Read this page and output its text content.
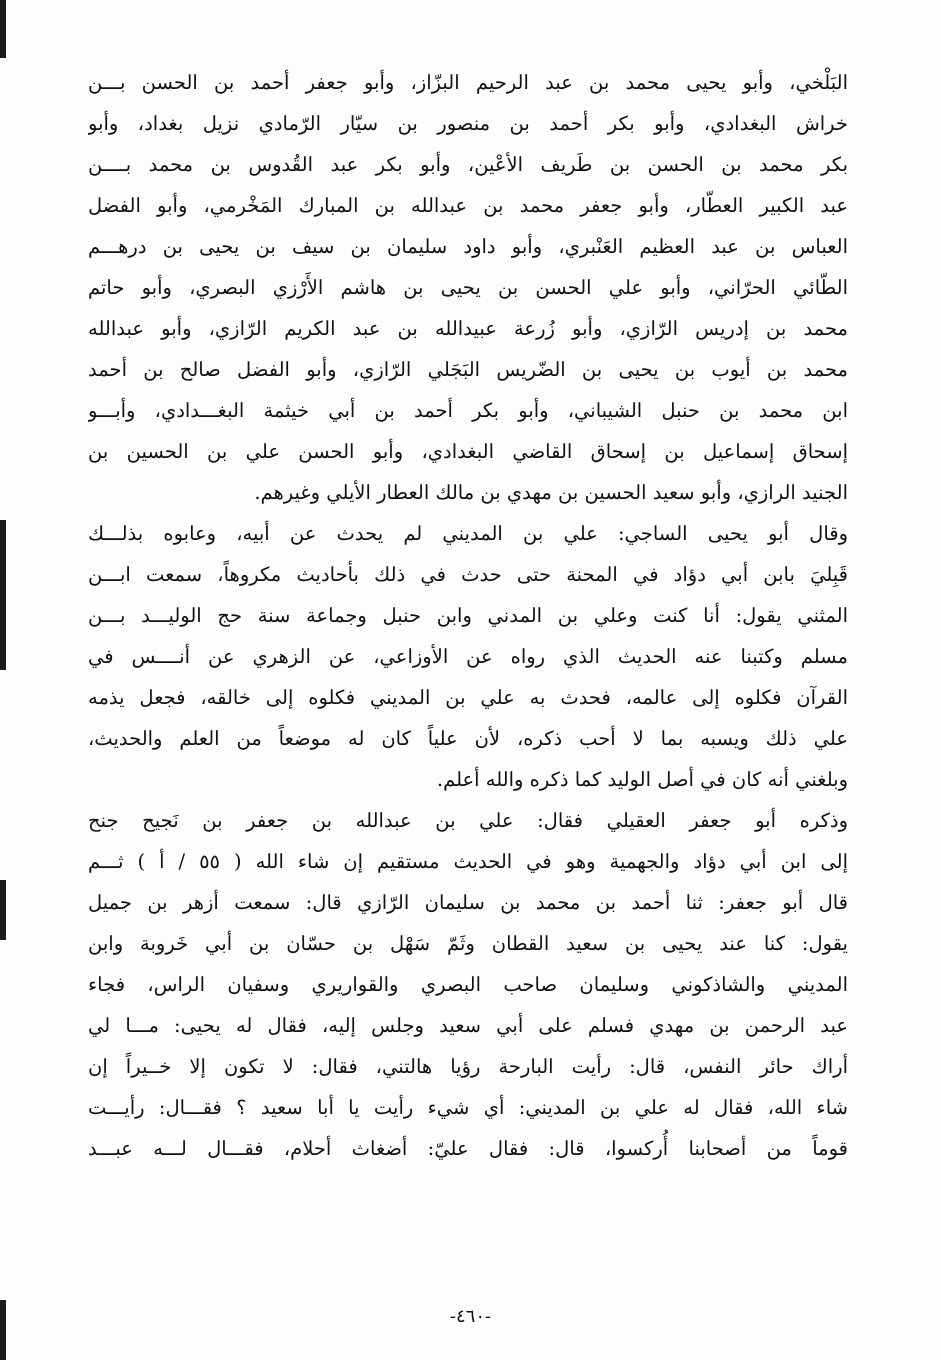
البَلْخي، وأبو يحيى محمد بن عبد الرحيم البزّاز، وأبو جعفر أحمد بن الحسن بـــن
خراش البغدادي، وأبو بكر أحمد بن منصور بن سيّار الرّمادي نزيل بغداد، وأبو
بكر محمد بن الحسن بن طَريف الأعْين، وأبو بكر عبد القُدوس بن محمد بــــن
عبد الكبير العطّار، وأبو جعفر محمد بن عبدالله بن المبارك المَخْرمي، وأبو الفضل
العباس بن عبد العظيم العَنْبري، وأبو داود سليمان بن سيف بن يحيى بن درهـــم
الطّائي الحرّاني، وأبو علي الحسن بن يحيى بن هاشم الأَرْزي البصري، وأبو حاتم
محمد بن إدريس الرّازي، وأبو زُرعة عبيدالله بن عبد الكريم الرّازي، وأبو عبدالله
محمد بن أيوب بن يحيى بن الضّريس البَجَلي الرّازي، وأبو الفضل صالح بن أحمد
ابن محمد بن حنبل الشيباني، وأبو بكر أحمد بن أبي خيثمة البغـــدادي، وأبـــو
إسحاق إسماعيل بن إسحاق القاضي البغدادي، وأبو الحسن علي بن الحسين بن
الجنيد الرازي، وأبو سعيد الحسين بن مهدي بن مالك العطار الأيلي وغيرهم.
وقال أبو يحيى الساجي: علي بن المديني لم يحدث عن أبيه، وعابوه بذلـــك
قَبِليَ بابن أبي دؤاد في المحنة حتى حدث في ذلك بأحاديث مكروهاً، سمعت ابـــن
المثني يقول: أنا كنت وعلي بن المدني وابن حنبل وجماعة سنة حج الوليـــد بـــن
مسلم وكتبنا عنه الحديث الذي رواه عن الأوزاعي، عن الزهري عن أنــــس في
القرآن فكلوه إلى عالمه، فحدث به علي بن المديني فكلوه إلى خالقه، فجعل يذمه
علي ذلك ويسبه بما لا أحب ذكره، لأن علياً كان له موضعاً من العلم والحديث،
وبلغني أنه كان في أصل الوليد كما ذكره والله أعلم.
وذكره أبو جعفر العقيلي فقال: علي بن عبدالله بن جعفر بن نَجيح جنح
إلى ابن أبي دؤاد والجهمية وهو في الحديث مستقيم إن شاء الله ( ٥٥ / أ ) ثـــم
قال أبو جعفر: ثنا أحمد بن محمد بن سليمان الرّازي قال: سمعت أزهر بن جميل
يقول: كنا عند يحيى بن سعيد القطان وثَمّ سَهْل بن حسّان بن أبي خَروبة وابن
المديني والشاذكوني وسليمان صاحب البصري والقواريري وسفيان الراس، فجاء
عبد الرحمن بن مهدي فسلم على أبي سعيد وجلس إليه، فقال له يحيى: مـــا لي
أراك حائر النفس، قال: رأيت البارحة رؤيا هالتني، فقال: لا تكون إلا خــيراً إن
شاء الله، فقال له علي بن المديني: أي شيء رأيت يا أبا سعيد ؟ فقـــال: رأيـــت
قوماً من أصحابنا أُركسوا، قال: فقال عليّ: أضغاث أحلام، فقـــال لـــه عبـــد
-٤٦٠-
